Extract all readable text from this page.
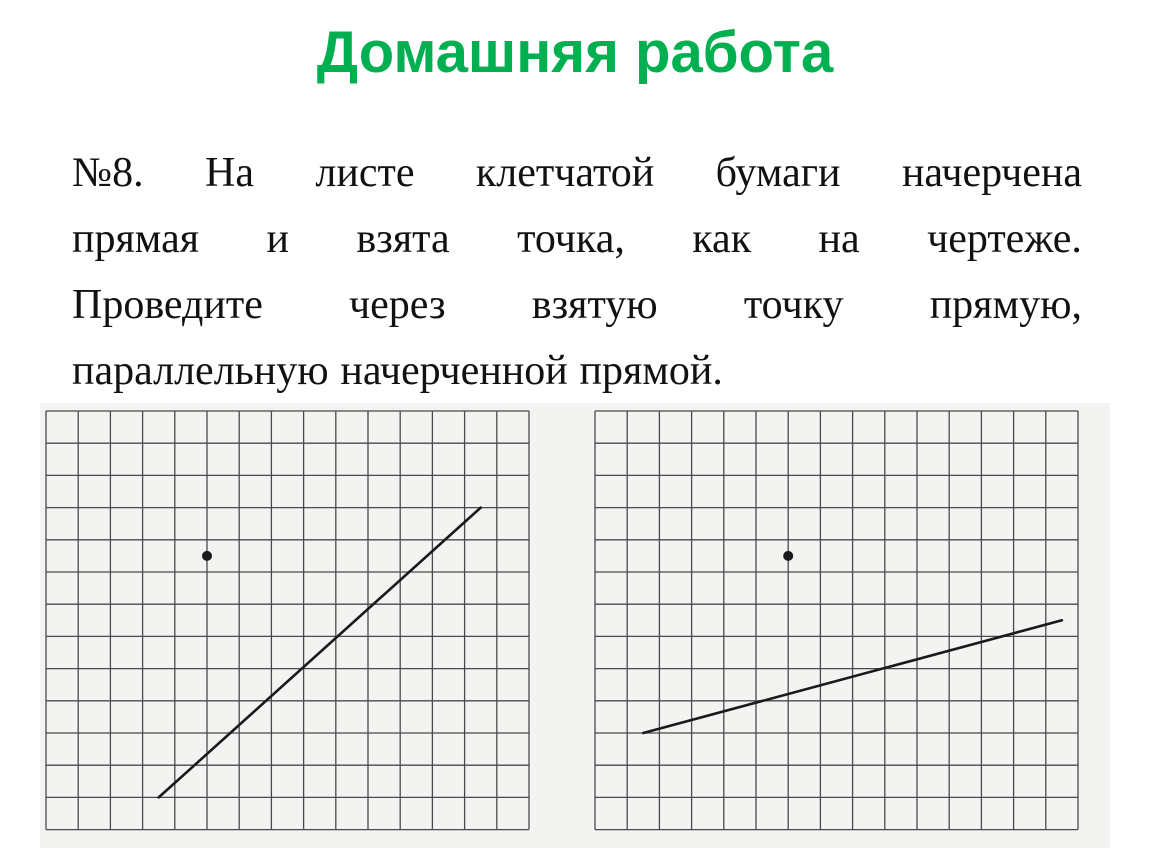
Домашняя работа
№8. На листе клетчатой бумаги начерчена
прямая и взята точка, как на чертеже.
Проведите через взятую точку прямую,
параллельную начерченной прямой.
